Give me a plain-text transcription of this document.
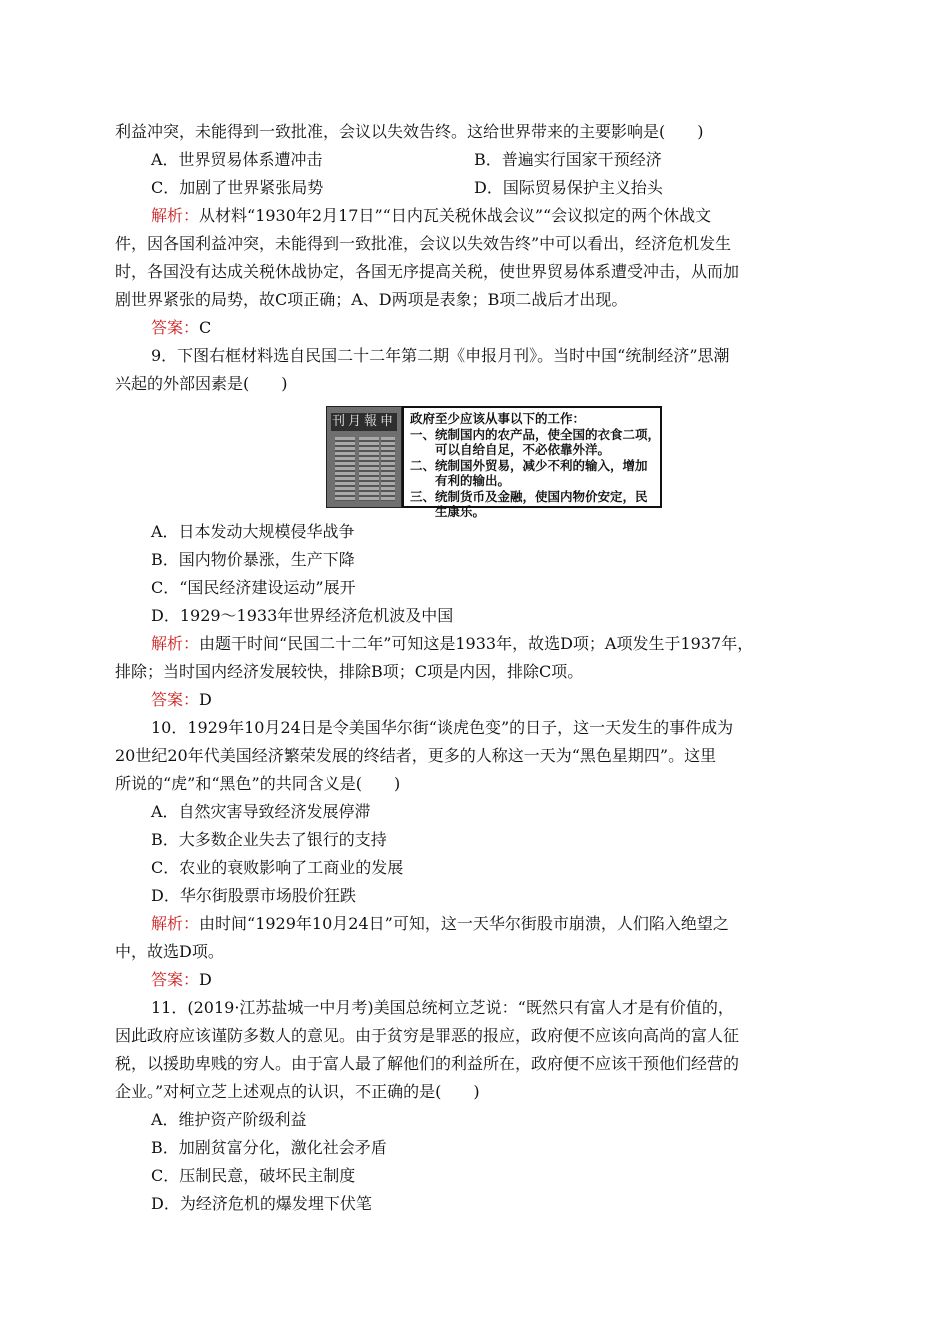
利益冲突，未能得到一致批准，会议以失效告终。这给世界带来的主要影响是(　　)
A．世界贸易体系遭冲击	B．普遍实行国家干预经济
C．加剧了世界紧张局势	D．国际贸易保护主义抬头
解析：从材料“1930年2月17日”“日内瓦关税休战会议”“会议拟定的两个休战文
件，因各国利益冲突，未能得到一致批准，会议以失效告终”中可以看出，经济危机发生
时，各国没有达成关税休战协定，各国无序提高关税，使世界贸易体系遭受冲击，从而加
剧世界紧张的局势，故C项正确；A、D两项是表象；B项二战后才出现。
答案：C
9．下图右框材料选自民国二十二年第二期《申报月刊》。当时中国“统制经济”思潮
兴起的外部因素是(　　)
刊月報申 政府至少应该从事以下的工作：
一、统制国内的农产品，使全国的衣食二项，
　　可以自给自足，不必依靠外洋。
二、统制国外贸易，减少不利的输入，增加
　　有利的输出。
三、统制货币及金融，使国内物价安定，民
　　生康乐。
A．日本发动大规模侵华战争
B．国内物价暴涨，生产下降
C．“国民经济建设运动”展开
D．1929～1933年世界经济危机波及中国
解析：由题干时间“民国二十二年”可知这是1933年，故选D项；A项发生于1937年，
排除；当时国内经济发展较快，排除B项；C项是内因，排除C项。
答案：D
10．1929年10月24日是令美国华尔街“谈虎色变”的日子，这一天发生的事件成为
20世纪20年代美国经济繁荣发展的终结者，更多的人称这一天为“黑色星期四”。这里
所说的“虎”和“黑色”的共同含义是(　　)
A．自然灾害导致经济发展停滞
B．大多数企业失去了银行的支持
C．农业的衰败影响了工商业的发展
D．华尔街股票市场股价狂跌
解析：由时间“1929年10月24日”可知，这一天华尔街股市崩溃，人们陷入绝望之
中，故选D项。
答案：D
11．(2019·江苏盐城一中月考)美国总统柯立芝说：“既然只有富人才是有价值的，
因此政府应该谨防多数人的意见。由于贫穷是罪恶的报应，政府便不应该向高尚的富人征
税，以援助卑贱的穷人。由于富人最了解他们的利益所在，政府便不应该干预他们经营的
企业。”对柯立芝上述观点的认识，不正确的是(　　)
A．维护资产阶级利益
B．加剧贫富分化，激化社会矛盾
C．压制民意，破坏民主制度
D．为经济危机的爆发埋下伏笔
